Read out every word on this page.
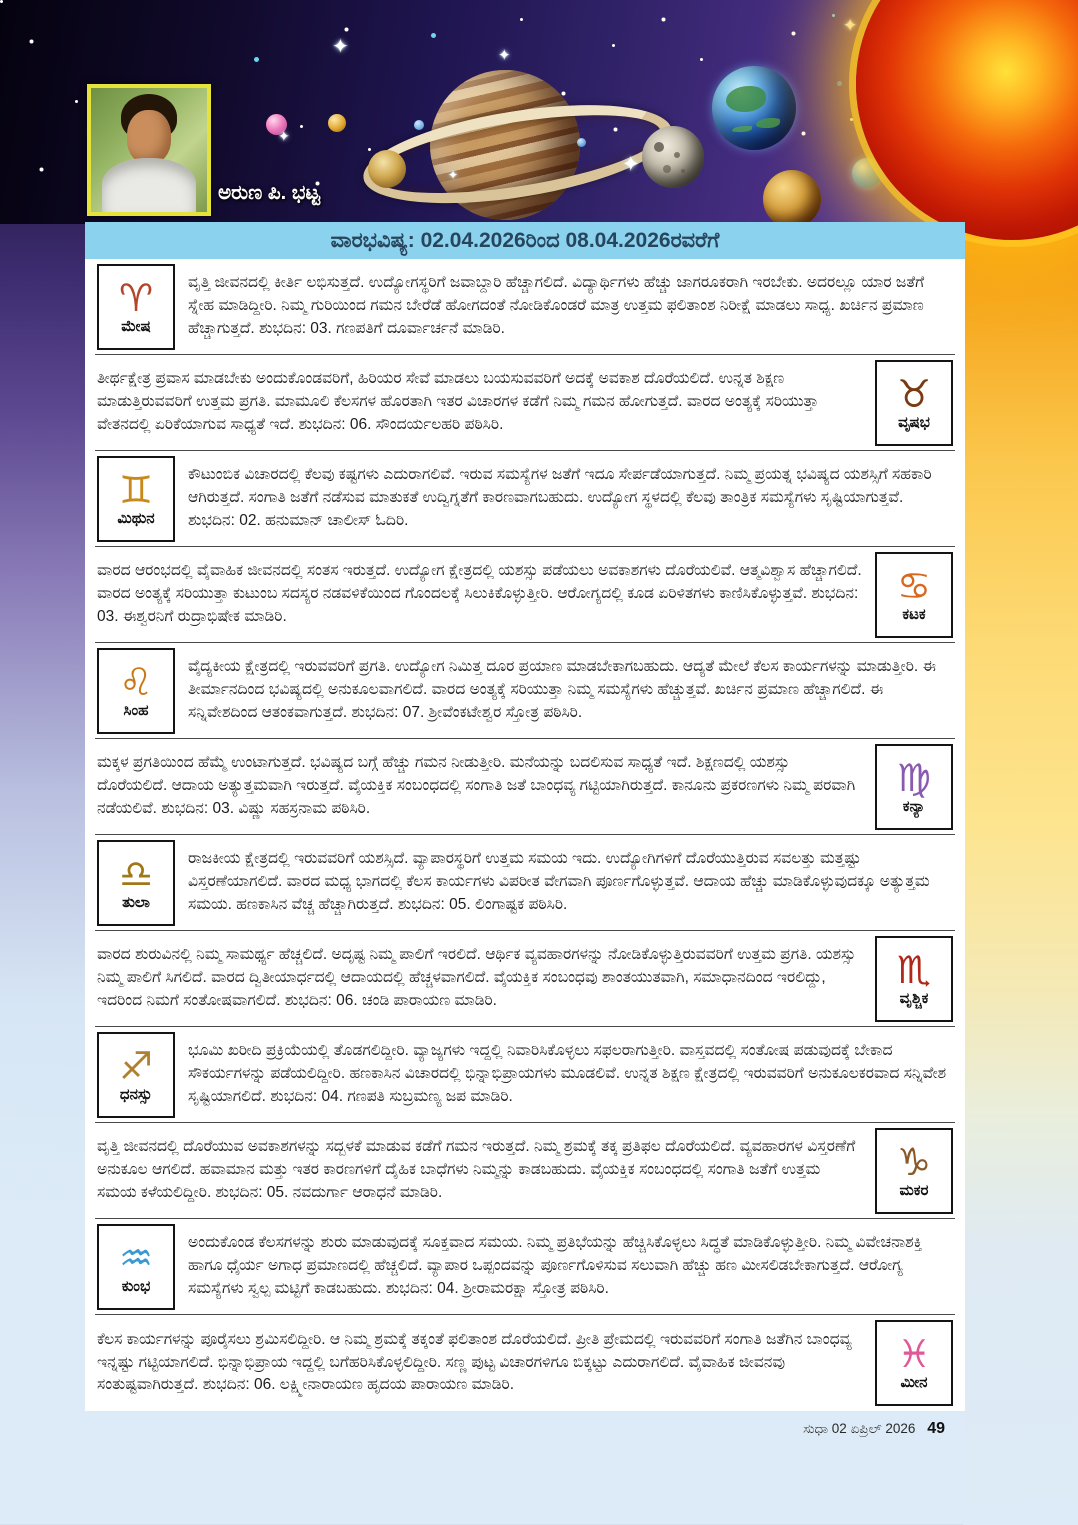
✦	✦
✦
✦
✦
✦
ಅರುಣ ಪಿ. ಭಟ್ಟ
ವಾರಭವಿಷ್ಯ: 02.04.2026ರಿಂದ 08.04.2026ರವರೆಗೆ
♈
ಮೇಷ

ವೃತ್ತಿ ಜೀವನದಲ್ಲಿ ಕೀರ್ತಿ ಲಭಿಸುತ್ತದೆ. ಉದ್ಯೋಗಸ್ಥರಿಗೆ ಜವಾಬ್ದಾರಿ ಹೆಚ್ಚಾಗಲಿದೆ. ವಿದ್ಯಾರ್ಥಿಗಳು ಹೆಚ್ಚು ಜಾಗರೂಕರಾಗಿ ಇರಬೇಕು. ಅದರಲ್ಲೂ ಯಾರ ಜತೆಗೆ ಸ್ನೇಹ ಮಾಡಿದ್ದೀರಿ. ನಿಮ್ಮ ಗುರಿಯಿಂದ ಗಮನ ಬೇರೆಡೆ ಹೋಗದಂತೆ ನೋಡಿಕೊಂಡರೆ ಮಾತ್ರ ಉತ್ತಮ ಫಲಿತಾಂಶ ನಿರೀಕ್ಷೆ ಮಾಡಲು ಸಾಧ್ಯ. ಖರ್ಚಿನ ಪ್ರಮಾಣ ಹೆಚ್ಚಾಗುತ್ತದೆ. ಶುಭದಿನ: 03. ಗಣಪತಿಗೆ ದೂರ್ವಾರ್ಚನೆ ಮಾಡಿರಿ.

♉
ವೃಷಭ

ತೀರ್ಥಕ್ಷೇತ್ರ ಪ್ರವಾಸ ಮಾಡಬೇಕು ಅಂದುಕೊಂಡವರಿಗೆ, ಹಿರಿಯರ ಸೇವೆ ಮಾಡಲು ಬಯಸುವವರಿಗೆ ಅದಕ್ಕೆ ಅವಕಾಶ ದೊರೆಯಲಿದೆ. ಉನ್ನತ ಶಿಕ್ಷಣ ಮಾಡುತ್ತಿರುವವರಿಗೆ ಉತ್ತಮ ಪ್ರಗತಿ. ಮಾಮೂಲಿ ಕೆಲಸಗಳ ಹೊರತಾಗಿ ಇತರ ವಿಚಾರಗಳ ಕಡೆಗೆ ನಿಮ್ಮ ಗಮನ ಹೋಗುತ್ತದೆ. ವಾರದ ಅಂತ್ಯಕ್ಕೆ ಸರಿಯುತ್ತಾ ವೇತನದಲ್ಲಿ ಏರಿಕೆಯಾಗುವ ಸಾಧ್ಯತೆ ಇದೆ. ಶುಭದಿನ: 06. ಸೌಂದರ್ಯಲಹರಿ ಪಠಿಸಿರಿ.

♊
ಮಿಥುನ

ಕೌಟುಂಬಿಕ ವಿಚಾರದಲ್ಲಿ ಕೆಲವು ಕಷ್ಟಗಳು ಎದುರಾಗಲಿವೆ. ಇರುವ ಸಮಸ್ಯೆಗಳ ಜತೆಗೆ ಇದೂ ಸೇರ್ಪಡೆಯಾಗುತ್ತದೆ. ನಿಮ್ಮ ಪ್ರಯತ್ನ ಭವಿಷ್ಯದ ಯಶಸ್ಸಿಗೆ ಸಹಕಾರಿ ಆಗಿರುತ್ತದೆ. ಸಂಗಾತಿ ಜತೆಗೆ ನಡೆಸುವ ಮಾತುಕತೆ ಉದ್ವಿಗ್ನತೆಗೆ ಕಾರಣವಾಗಬಹುದು. ಉದ್ಯೋಗ ಸ್ಥಳದಲ್ಲಿ ಕೆಲವು ತಾಂತ್ರಿಕ ಸಮಸ್ಯೆಗಳು ಸೃಷ್ಟಿಯಾಗುತ್ತವೆ. ಶುಭದಿನ: 02. ಹನುಮಾನ್ ಚಾಲೀಸ್ ಓದಿರಿ.

♋
ಕಟಕ

ವಾರದ ಆರಂಭದಲ್ಲಿ ವೈವಾಹಿಕ ಜೀವನದಲ್ಲಿ ಸಂತಸ ಇರುತ್ತದೆ. ಉದ್ಯೋಗ ಕ್ಷೇತ್ರದಲ್ಲಿ ಯಶಸ್ಸು ಪಡೆಯಲು ಅವಕಾಶಗಳು ದೊರೆಯಲಿವೆ. ಆತ್ಮವಿಶ್ವಾಸ ಹೆಚ್ಚಾಗಲಿದೆ. ವಾರದ ಅಂತ್ಯಕ್ಕೆ ಸರಿಯುತ್ತಾ ಕುಟುಂಬ ಸದಸ್ಯರ ನಡವಳಿಕೆಯಿಂದ ಗೊಂದಲಕ್ಕೆ ಸಿಲುಕಿಕೊಳ್ಳುತ್ತೀರಿ. ಆರೋಗ್ಯದಲ್ಲಿ ಕೂಡ ಏರಿಳಿತಗಳು ಕಾಣಿಸಿಕೊಳ್ಳುತ್ತವೆ. ಶುಭದಿನ: 03. ಈಶ್ವರನಿಗೆ ರುದ್ರಾಭಿಷೇಕ ಮಾಡಿರಿ.

♌
ಸಿಂಹ

ವೈದ್ಯಕೀಯ ಕ್ಷೇತ್ರದಲ್ಲಿ ಇರುವವರಿಗೆ ಪ್ರಗತಿ. ಉದ್ಯೋಗ ನಿಮಿತ್ತ ದೂರ ಪ್ರಯಾಣ ಮಾಡಬೇಕಾಗಬಹುದು. ಆದ್ಯತೆ ಮೇಲೆ ಕೆಲಸ ಕಾರ್ಯಗಳನ್ನು ಮಾಡುತ್ತೀರಿ. ಈ ತೀರ್ಮಾನದಿಂದ ಭವಿಷ್ಯದಲ್ಲಿ ಅನುಕೂಲವಾಗಲಿದೆ. ವಾರದ ಅಂತ್ಯಕ್ಕೆ ಸರಿಯುತ್ತಾ ನಿಮ್ಮ ಸಮಸ್ಯೆಗಳು ಹೆಚ್ಚುತ್ತವೆ. ಖರ್ಚಿನ ಪ್ರಮಾಣ ಹೆಚ್ಚಾಗಲಿದೆ. ಈ ಸನ್ನಿವೇಶದಿಂದ ಆತಂಕವಾಗುತ್ತದೆ. ಶುಭದಿನ: 07. ಶ್ರೀವೆಂಕಟೇಶ್ವರ ಸ್ತೋತ್ರ ಪಠಿಸಿರಿ.

♍
ಕನ್ಯಾ

ಮಕ್ಕಳ ಪ್ರಗತಿಯಿಂದ ಹೆಮ್ಮೆ ಉಂಟಾಗುತ್ತದೆ. ಭವಿಷ್ಯದ ಬಗ್ಗೆ ಹೆಚ್ಚು ಗಮನ ನೀಡುತ್ತೀರಿ. ಮನೆಯನ್ನು ಬದಲಿಸುವ ಸಾಧ್ಯತೆ ಇದೆ. ಶಿಕ್ಷಣದಲ್ಲಿ ಯಶಸ್ಸು ದೊರೆಯಲಿದೆ. ಆದಾಯ ಅತ್ಯುತ್ತಮವಾಗಿ ಇರುತ್ತದೆ. ವೈಯಕ್ತಿಕ ಸಂಬಂಧದಲ್ಲಿ ಸಂಗಾತಿ ಜತೆ ಬಾಂಧವ್ಯ ಗಟ್ಟಿಯಾಗಿರುತ್ತದೆ. ಕಾನೂನು ಪ್ರಕರಣಗಳು ನಿಮ್ಮ ಪರವಾಗಿ ನಡೆಯಲಿವೆ. ಶುಭದಿನ: 03. ವಿಷ್ಣು ಸಹಸ್ರನಾಮ ಪಠಿಸಿರಿ.

♎
ತುಲಾ

ರಾಜಕೀಯ ಕ್ಷೇತ್ರದಲ್ಲಿ ಇರುವವರಿಗೆ ಯಶಸ್ಸಿದೆ. ವ್ಯಾಪಾರಸ್ಥರಿಗೆ ಉತ್ತಮ ಸಮಯ ಇದು. ಉದ್ಯೋಗಿಗಳಿಗೆ ದೊರೆಯುತ್ತಿರುವ ಸವಲತ್ತು ಮತ್ತಷ್ಟು ವಿಸ್ತರಣೆಯಾಗಲಿದೆ. ವಾರದ ಮಧ್ಯ ಭಾಗದಲ್ಲಿ ಕೆಲಸ ಕಾರ್ಯಗಳು ವಿಪರೀತ ವೇಗವಾಗಿ ಪೂರ್ಣಗೊಳ್ಳುತ್ತವೆ. ಆದಾಯ ಹೆಚ್ಚು ಮಾಡಿಕೊಳ್ಳುವುದಕ್ಕೂ ಅತ್ಯುತ್ತಮ ಸಮಯ. ಹಣಕಾಸಿನ ವೆಚ್ಚ ಹೆಚ್ಚಾಗಿರುತ್ತದೆ. ಶುಭದಿನ: 05. ಲಿಂಗಾಷ್ಟಕ ಪಠಿಸಿರಿ.

♏
ವೃಶ್ಚಿಕ

ವಾರದ ಶುರುವಿನಲ್ಲಿ ನಿಮ್ಮ ಸಾಮರ್ಥ್ಯ ಹೆಚ್ಚಲಿದೆ. ಅದೃಷ್ಟ ನಿಮ್ಮ ಪಾಲಿಗೆ ಇರಲಿದೆ. ಆರ್ಥಿಕ ವ್ಯವಹಾರಗಳನ್ನು ನೋಡಿಕೊಳ್ಳುತ್ತಿರುವವರಿಗೆ ಉತ್ತಮ ಪ್ರಗತಿ. ಯಶಸ್ಸು ನಿಮ್ಮ ಪಾಲಿಗೆ ಸಿಗಲಿದೆ. ವಾರದ ದ್ವಿತೀಯಾರ್ಧದಲ್ಲಿ ಆದಾಯದಲ್ಲಿ ಹೆಚ್ಚಳವಾಗಲಿದೆ. ವೈಯಕ್ತಿಕ ಸಂಬಂಧವು ಶಾಂತಯುತವಾಗಿ, ಸಮಾಧಾನದಿಂದ ಇರಲಿದ್ದು, ಇದರಿಂದ ನಿಮಗೆ ಸಂತೋಷವಾಗಲಿದೆ. ಶುಭದಿನ: 06. ಚಂಡಿ ಪಾರಾಯಣ ಮಾಡಿರಿ.

♐
ಧನಸ್ಸು

ಭೂಮಿ ಖರೀದಿ ಪ್ರಕ್ರಿಯೆಯಲ್ಲಿ ತೊಡಗಲಿದ್ದೀರಿ. ವ್ಯಾಜ್ಯಗಳು ಇದ್ದಲ್ಲಿ ನಿವಾರಿಸಿಕೊಳ್ಳಲು ಸಫಲರಾಗುತ್ತೀರಿ. ವಾಸ್ತವದಲ್ಲಿ ಸಂತೋಷ ಪಡುವುದಕ್ಕೆ ಬೇಕಾದ ಸೌಕರ್ಯಗಳನ್ನು ಪಡೆಯಲಿದ್ದೀರಿ. ಹಣಕಾಸಿನ ವಿಚಾರದಲ್ಲಿ ಭಿನ್ನಾಭಿಪ್ರಾಯಗಳು ಮೂಡಲಿವೆ. ಉನ್ನತ ಶಿಕ್ಷಣ ಕ್ಷೇತ್ರದಲ್ಲಿ ಇರುವವರಿಗೆ ಅನುಕೂಲಕರವಾದ ಸನ್ನಿವೇಶ ಸೃಷ್ಟಿಯಾಗಲಿದೆ. ಶುಭದಿನ: 04. ಗಣಪತಿ ಸುಬ್ರಮಣ್ಯ ಜಪ ಮಾಡಿರಿ.

♑
ಮಕರ

ವೃತ್ತಿ ಜೀವನದಲ್ಲಿ ದೊರೆಯುವ ಅವಕಾಶಗಳನ್ನು ಸದ್ಬಳಕೆ ಮಾಡುವ ಕಡೆಗೆ ಗಮನ ಇರುತ್ತದೆ. ನಿಮ್ಮ ಶ್ರಮಕ್ಕೆ ತಕ್ಕ ಪ್ರತಿಫಲ ದೊರೆಯಲಿದೆ. ವ್ಯವಹಾರಗಳ ವಿಸ್ತರಣೆಗೆ ಅನುಕೂಲ ಆಗಲಿದೆ. ಹವಾಮಾನ ಮತ್ತು ಇತರ ಕಾರಣಗಳಿಗೆ ದೈಹಿಕ ಬಾಧೆಗಳು ನಿಮ್ಮನ್ನು ಕಾಡಬಹುದು. ವೈಯಕ್ತಿಕ ಸಂಬಂಧದಲ್ಲಿ ಸಂಗಾತಿ ಜತೆಗೆ ಉತ್ತಮ ಸಮಯ ಕಳೆಯಲಿದ್ದೀರಿ. ಶುಭದಿನ: 05. ನವದುರ್ಗಾ ಆರಾಧನೆ ಮಾಡಿರಿ.

♒
ಕುಂಭ

ಅಂದುಕೊಂಡ ಕೆಲಸಗಳನ್ನು ಶುರು ಮಾಡುವುದಕ್ಕೆ ಸೂಕ್ತವಾದ ಸಮಯ. ನಿಮ್ಮ ಪ್ರತಿಭೆಯನ್ನು ಹೆಚ್ಚಿಸಿಕೊಳ್ಳಲು ಸಿದ್ಧತೆ ಮಾಡಿಕೊಳ್ಳುತ್ತೀರಿ. ನಿಮ್ಮ ವಿವೇಚನಾಶಕ್ತಿ ಹಾಗೂ ಧೈರ್ಯ ಅಗಾಧ ಪ್ರಮಾಣದಲ್ಲಿ ಹೆಚ್ಚಲಿದೆ. ವ್ಯಾಪಾರ ಒಪ್ಪಂದವನ್ನು ಪೂರ್ಣಗೊಳಿಸುವ ಸಲುವಾಗಿ ಹೆಚ್ಚು ಹಣ ಮೀಸಲಿಡಬೇಕಾಗುತ್ತದೆ. ಆರೋಗ್ಯ ಸಮಸ್ಯೆಗಳು ಸ್ವಲ್ಪ ಮಟ್ಟಿಗೆ ಕಾಡಬಹುದು. ಶುಭದಿನ: 04. ಶ್ರೀರಾಮರಕ್ಷಾ ಸ್ತೋತ್ರ ಪಠಿಸಿರಿ.

♓
ಮೀನ

ಕೆಲಸ ಕಾರ್ಯಗಳನ್ನು ಪೂರೈಸಲು ಶ್ರಮಿಸಲಿದ್ದೀರಿ. ಆ ನಿಮ್ಮ ಶ್ರಮಕ್ಕೆ ತಕ್ಕಂತೆ ಫಲಿತಾಂಶ ದೊರೆಯಲಿದೆ. ಪ್ರೀತಿ ಪ್ರೇಮದಲ್ಲಿ ಇರುವವರಿಗೆ ಸಂಗಾತಿ ಜತೆಗಿನ ಬಾಂಧವ್ಯ ಇನ್ನಷ್ಟು ಗಟ್ಟಿಯಾಗಲಿದೆ. ಭಿನ್ನಾಭಿಪ್ರಾಯ ಇದ್ದಲ್ಲಿ ಬಗೆಹರಿಸಿಕೊಳ್ಳಲಿದ್ದೀರಿ. ಸಣ್ಣ ಪುಟ್ಟ ವಿಚಾರಗಳಿಗೂ ಬಿಕ್ಕಟ್ಟು ಎದುರಾಗಲಿದೆ. ವೈವಾಹಿಕ ಜೀವನವು ಸಂತುಷ್ಟವಾಗಿರುತ್ತದೆ. ಶುಭದಿನ: 06. ಲಕ್ಷ್ಮೀನಾರಾಯಣ ಹೃದಯ ಪಾರಾಯಣ ಮಾಡಿರಿ.

ಸುಧಾ 02 ಏಪ್ರಿಲ್ 2026 49
